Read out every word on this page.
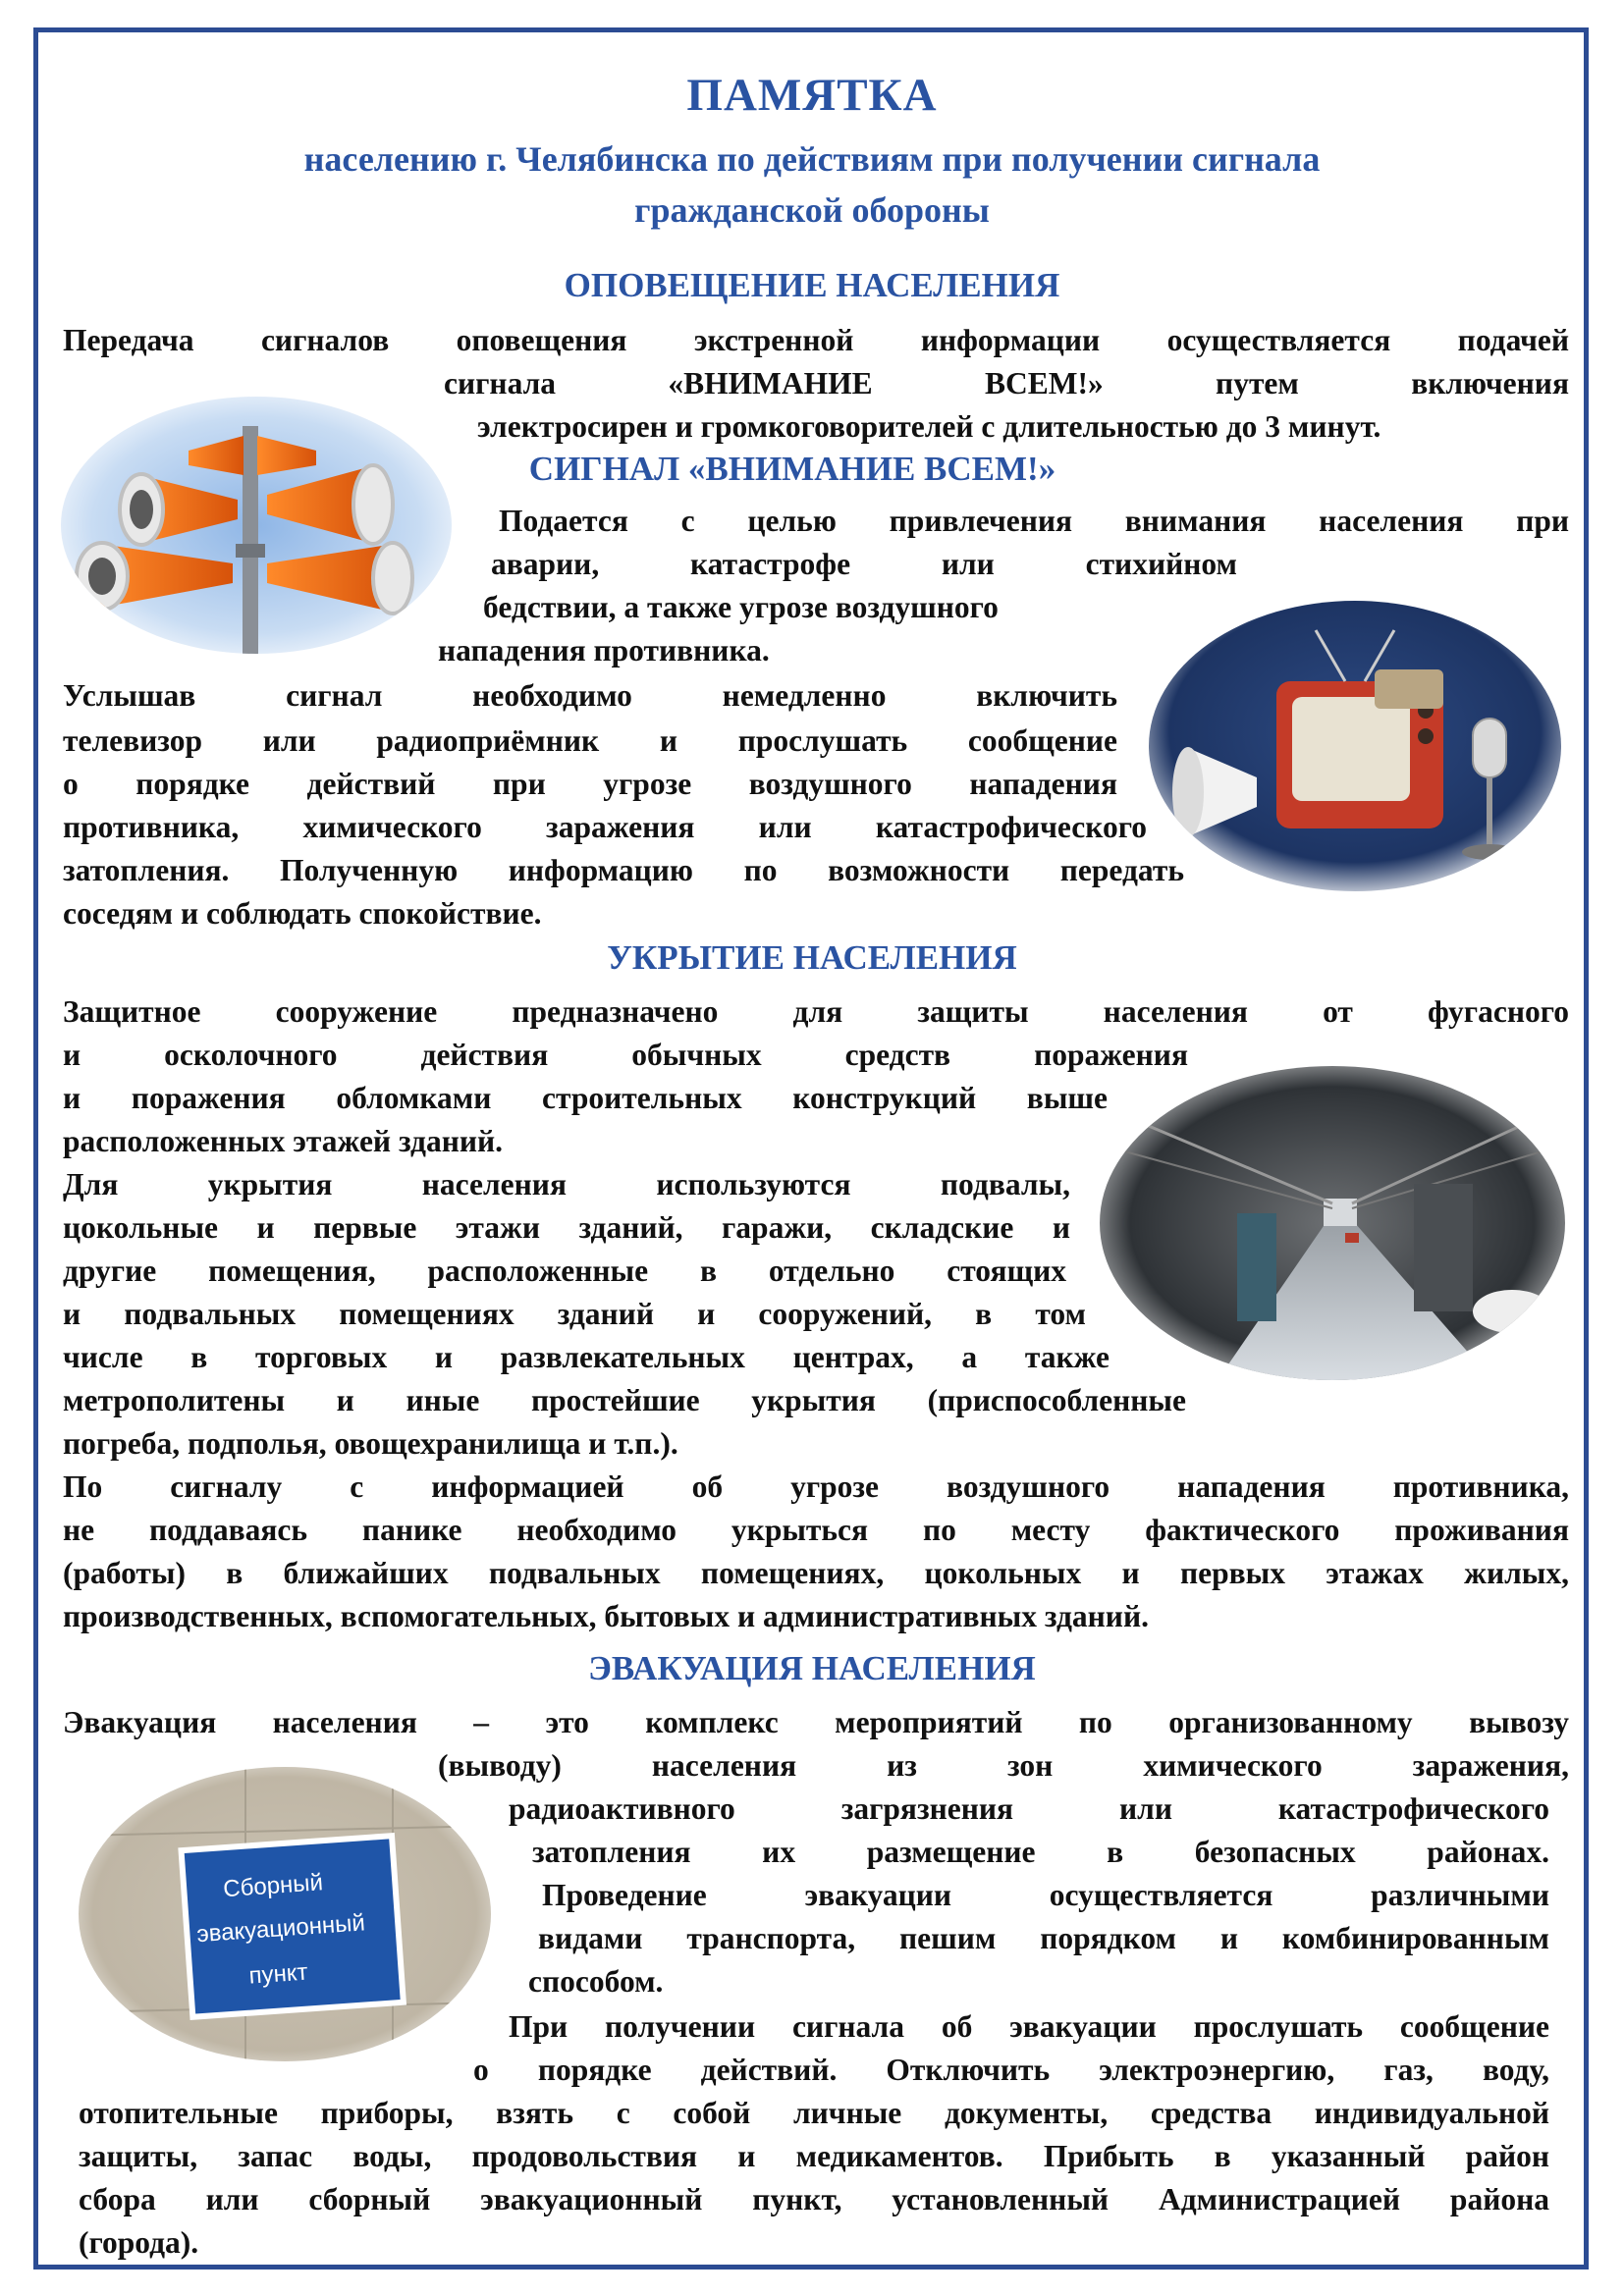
ПАМЯТКА
населению г. Челябинска по действиям при получении сигнала
гражданской обороны
ОПОВЕЩЕНИЕ НАСЕЛЕНИЯ

Передача сигналов оповещения экстренной информации осуществляется подачей

сигнала «ВНИМАНИЕ ВСЕМ!» путем включения

электросирен и громкоговорителей с длительностью до 3 минут.

СИГНАЛ «ВНИМАНИЕ ВСЕМ!»

Подается с целью привлечения внимания населения при

аварии, катастрофе или стихийном

бедствии, а также угрозе воздушного

нападения противника.

Услышав сигнал необходимо немедленно включить

телевизор или радиоприёмник и прослушать сообщение

о порядке действий при угрозе воздушного нападения

противника, химического заражения или катастрофического

затопления. Полученную информацию по возможности передать

соседям и соблюдать спокойствие.

УКРЫТИЕ НАСЕЛЕНИЯ

Защитное сооружение предназначено для защиты населения от фугасного

и осколочного действия обычных средств поражения

и поражения обломками строительных конструкций выше

расположенных этажей зданий.

Для укрытия населения используются подвалы,

цокольные и первые этажи зданий, гаражи, складские и

другие помещения, расположенные в отдельно стоящих

и подвальных помещениях зданий и сооружений, в том

числе в торговых и развлекательных центрах, а также

метрополитены и иные простейшие укрытия (приспособленные

погреба, подполья, овощехранилища и т.п.).

По сигналу с информацией об угрозе воздушного нападения противника,

не поддаваясь панике необходимо укрыться по месту фактического проживания

(работы) в ближайших подвальных помещениях, цокольных и первых этажах жилых,

производственных, вспомогательных, бытовых и административных зданий.

ЭВАКУАЦИЯ НАСЕЛЕНИЯ

Эвакуация населения – это комплекс мероприятий по организованному вывозу

(выводу) населения из зон химического заражения,

радиоактивного загрязнения или катастрофического

затопления их размещение в безопасных районах.

Проведение эвакуации осуществляется различными

видами транспорта, пешим порядком и комбинированным

способом.

При получении сигнала об эвакуации прослушать сообщение

о порядке действий. Отключить электроэнергию, газ, воду,

отопительные приборы, взять с собой личные документы, средства индивидуальной

защиты, запас воды, продовольствия и медикаментов. Прибыть в указанный район

сбора или сборный эвакуационный пункт, установленный Администрацией района

(города).

Сборный
эвакуационный
пункт
